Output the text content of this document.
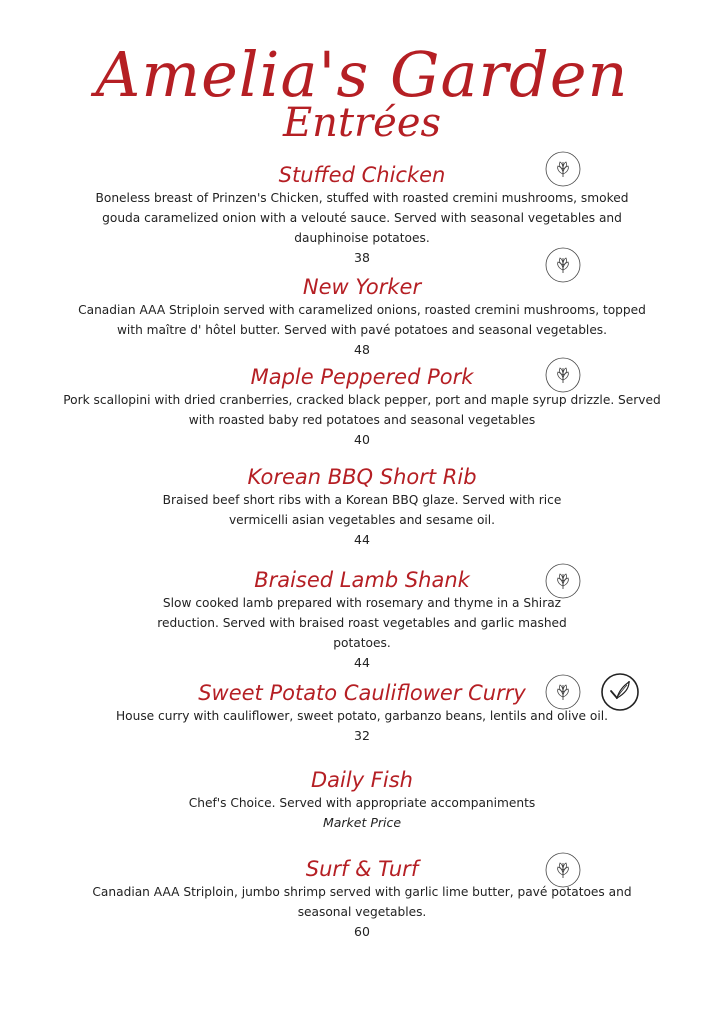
Amelia's Garden
Entrées

Stuffed Chicken

Boneless breast of Prinzen's Chicken, stuffed with roasted cremini mushrooms, smoked gouda caramelized onion with a velouté sauce. Served with seasonal vegetables and dauphinoise potatoes.

38

New Yorker

Canadian AAA Striploin served with caramelized onions, roasted cremini mushrooms, topped with maître d' hôtel butter. Served with pavé potatoes and seasonal vegetables.

48

Maple Peppered Pork

Pork scallopini with dried cranberries, cracked black pepper, port and maple syrup drizzle. Served with roasted baby red potatoes and seasonal vegetables

40

Korean BBQ Short Rib

Braised beef short ribs with a Korean BBQ glaze. Served with rice vermicelli asian vegetables and sesame oil.

44

Braised Lamb Shank

Slow cooked lamb prepared with rosemary and thyme in a Shiraz reduction. Served with braised roast vegetables and garlic mashed potatoes.

44

Sweet Potato Cauliflower Curry

House curry with cauliflower, sweet potato, garbanzo beans, lentils and olive oil.

32

Daily Fish

Chef's Choice. Served with appropriate accompaniments

Market Price

Surf & Turf

Canadian AAA Striploin, jumbo shrimp served with garlic lime butter, pavé potatoes and seasonal vegetables.

60
